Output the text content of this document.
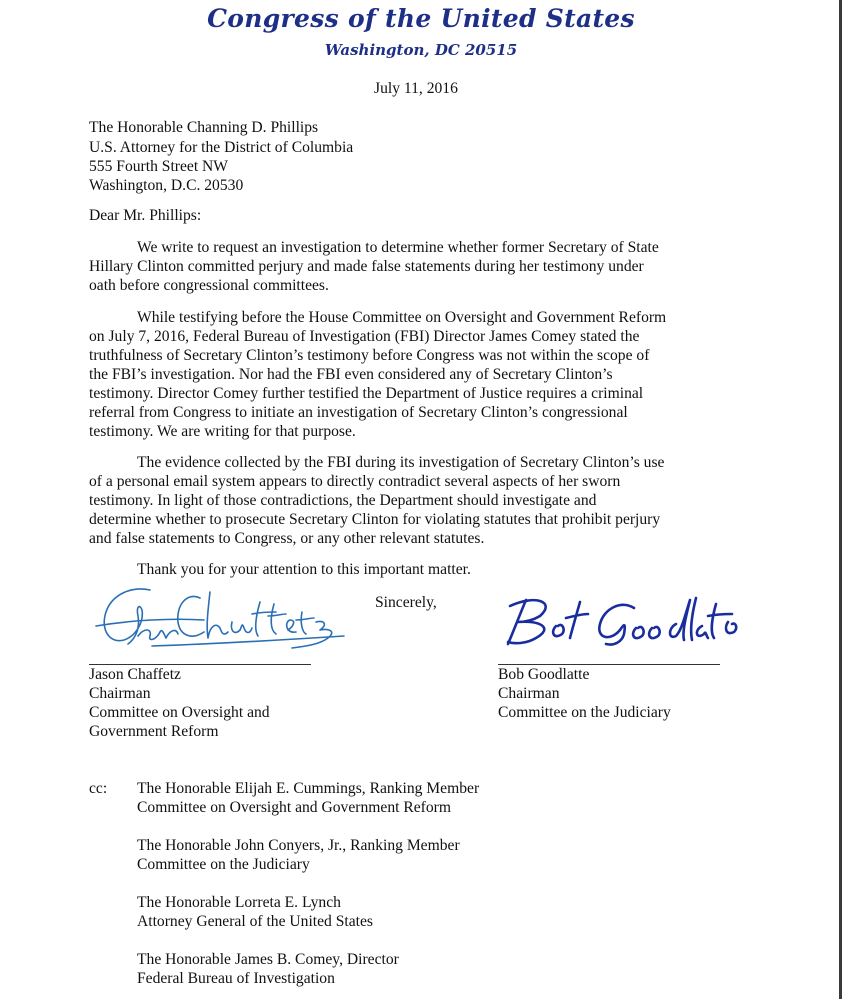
Congress of the United States
Washington, DC 20515
July 11, 2016
The Honorable Channing D. Phillips
U.S. Attorney for the District of Columbia
555 Fourth Street NW
Washington, D.C. 20530
Dear Mr. Phillips:
We write to request an investigation to determine whether former Secretary of State
Hillary Clinton committed perjury and made false statements during her testimony under
oath before congressional committees.
While testifying before the House Committee on Oversight and Government Reform
on July 7, 2016, Federal Bureau of Investigation (FBI) Director James Comey stated the
truthfulness of Secretary Clinton’s testimony before Congress was not within the scope of
the FBI’s investigation. Nor had the FBI even considered any of Secretary Clinton’s
testimony. Director Comey further testified the Department of Justice requires a criminal
referral from Congress to initiate an investigation of Secretary Clinton’s congressional
testimony. We are writing for that purpose.
The evidence collected by the FBI during its investigation of Secretary Clinton’s use
of a personal email system appears to directly contradict several aspects of her sworn
testimony. In light of those contradictions, the Department should investigate and
determine whether to prosecute Secretary Clinton for violating statutes that prohibit perjury
and false statements to Congress, or any other relevant statutes.
Thank you for your attention to this important matter.
Sincerely,
Jason Chaffetz
Chairman
Committee on Oversight and
Government Reform
Bob Goodlatte
Chairman
Committee on the Judiciary
cc: The Honorable Elijah E. Cummings, Ranking Member
Committee on Oversight and Government Reform
The Honorable John Conyers, Jr., Ranking Member
Committee on the Judiciary
The Honorable Lorreta E. Lynch
Attorney General of the United States
The Honorable James B. Comey, Director
Federal Bureau of Investigation
